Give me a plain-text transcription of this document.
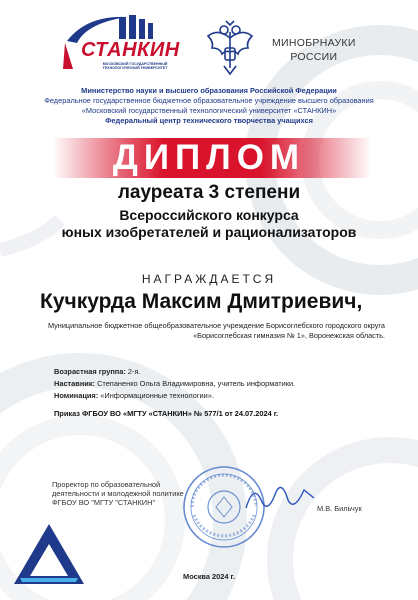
СТАНКИН
МОСКОВСКИЙ ГОСУДАРСТВЕННЫЙ ТЕХНОЛОГИЧЕСКИЙ УНИВЕРСИТЕТ
МИНОБРНАУКИ
РОССИИ
Министерство науки и высшего образования Российской Федерации
Федеральное государственное бюджетное образовательное учреждение высшего образования
«Московский государственный технологический университет «СТАНКИН»
Федеральный центр технического творчества учащихся
ДИПЛОМ
лауреата 3 степени
Всероссийского конкурса
юных изобретателей и рационализаторов
НАГРАЖДАЕТСЯ
Кучкурда Максим Дмитриевич,
Муниципальное бюджетное общеобразовательное учреждение Борисоглебского городского округа
«Борисоглебская гимназия № 1», Воронежская область.
Возрастная группа: 2-я.
Наставник: Степаненко Ольга Владимировна, учитель информатики.
Номинация: «Информационные технологии».
Приказ ФГБОУ ВО «МГТУ «СТАНКИН» № 577/1 от 24.07.2024 г.
Проректор по образовательной
деятельности и молодежной политике
ФГБОУ ВО "МГТУ "СТАНКИН"
М.В. Бильчук
Москва 2024 г.
